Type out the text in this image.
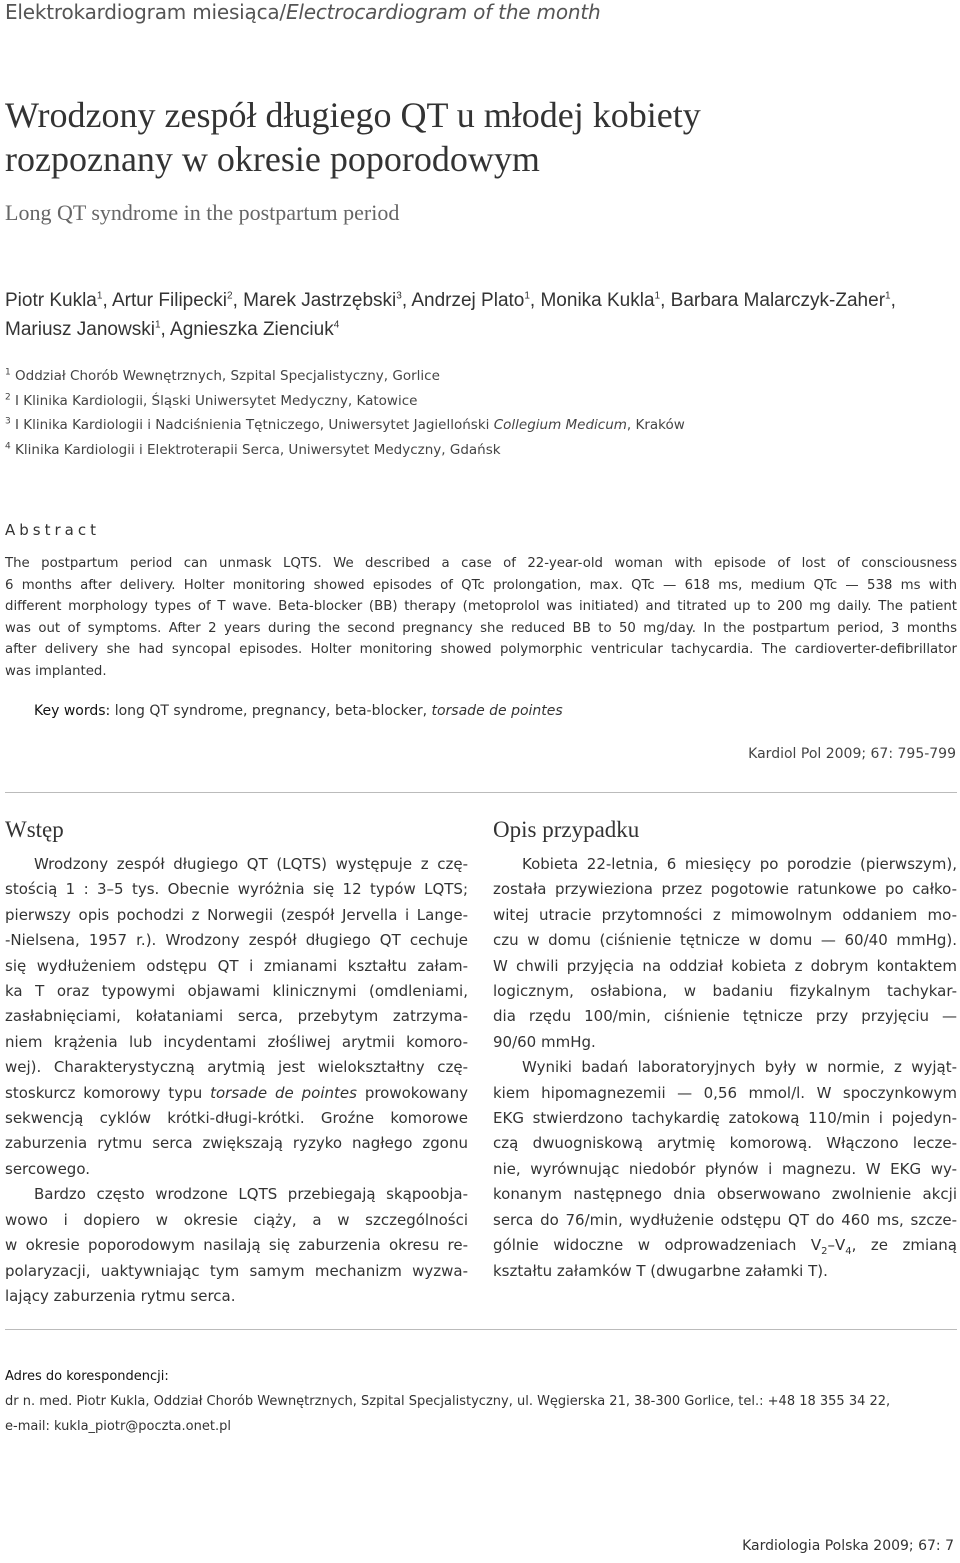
Elektrokardiogram miesiąca/Electrocardiogram of the month
Wrodzony zespół długiego QT u młodej kobiety
rozpoznany w okresie poporodowym
Long QT syndrome in the postpartum period
Piotr Kukla$^1$, Artur Filipecki$^2$, Marek Jastrzębski$^3$, Andrzej Plato$^1$, Monika Kukla$^1$, Barbara Malarczyk-Zaher$^1$,
Mariusz Janowski$^1$, Agnieszka Zienciuk$^4$
$^1$ Oddział Chorób Wewnętrznych, Szpital Specjalistyczny, Gorlice
$^2$ I Klinika Kardiologii, Śląski Uniwersytet Medyczny, Katowice
$^3$ I Klinika Kardiologii i Nadciśnienia Tętniczego, Uniwersytet Jagielloński Collegium Medicum, Kraków
$^4$ Klinika Kardiologii i Elektroterapii Serca, Uniwersytet Medyczny, Gdańsk
Abstract
The postpartum period can unmask LQTS. We described a case of 22-year-old woman with episode of lost of consciousness
6 months after delivery. Holter monitoring showed episodes of QTc prolongation, max. QTc — 618 ms, medium QTc — 538 ms with
different morphology types of T wave. Beta-blocker (BB) therapy (metoprolol was initiated) and titrated up to 200 mg daily. The patient
was out of symptoms. After 2 years during the second pregnancy she reduced BB to 50 mg/day. In the postpartum period, 3 months
after delivery she had syncopal episodes. Holter monitoring showed polymorphic ventricular tachycardia. The cardioverter-defibrillator
was implanted.
Key words: long QT syndrome, pregnancy, beta-blocker, torsade de pointes
Kardiol Pol 2009; 67: 795-799
Wstęp
Wrodzony zespół długiego QT (LQTS) występuje z czę-
stością 1 : 3–5 tys. Obecnie wyróżnia się 12 typów LQTS;
pierwszy opis pochodzi z Norwegii (zespół Jervella i Lange-
-Nielsena, 1957 r.). Wrodzony zespół długiego QT cechuje
się wydłużeniem odstępu QT i zmianami kształtu załam-
ka T oraz typowymi objawami klinicznymi (omdleniami,
zasłabnięciami, kołataniami serca, przebytym zatrzyma-
niem krążenia lub incydentami złośliwej arytmii komoro-
wej). Charakterystyczną arytmią jest wielokształtny czę-
stoskurcz komorowy typu torsade de pointes prowokowany
sekwencją cyklów krótki-długi-krótki. Groźne komorowe
zaburzenia rytmu serca zwiększają ryzyko nagłego zgonu
sercowego.
Bardzo często wrodzone LQTS przebiegają skąpoobja-
wowo i dopiero w okresie ciąży, a w szczególności
w okresie poporodowym nasilają się zaburzenia okresu re-
polaryzacji, uaktywniając tym samym mechanizm wyzwa-
lający zaburzenia rytmu serca.
Opis przypadku
Kobieta 22-letnia, 6 miesięcy po porodzie (pierwszym),
została przywieziona przez pogotowie ratunkowe po całko-
witej utracie przytomności z mimowolnym oddaniem mo-
czu w domu (ciśnienie tętnicze w domu — 60/40 mmHg).
W chwili przyjęcia na oddział kobieta z dobrym kontaktem
logicznym, osłabiona, w badaniu fizykalnym tachykar-
dia rzędu 100/min, ciśnienie tętnicze przy przyjęciu —
90/60 mmHg.
Wyniki badań laboratoryjnych były w normie, z wyjąt-
kiem hipomagnezemii — 0,56 mmol/l. W spoczynkowym
EKG stwierdzono tachykardię zatokową 110/min i pojedyn-
czą dwuogniskową arytmię komorową. Włączono lecze-
nie, wyrównując niedobór płynów i magnezu. W EKG wy-
konanym następnego dnia obserwowano zwolnienie akcji
serca do 76/min, wydłużenie odstępu QT do 460 ms, szcze-
gólnie widoczne w odprowadzeniach $V_2-V_4$, ze zmianą
kształtu załamków T (dwugarbne załamki T).
Adres do korespondencji:
dr n. med. Piotr Kukla, Oddział Chorób Wewnętrznych, Szpital Specjalistyczny, ul. Węgierska 21, 38-300 Gorlice, tel.: +48 18 355 34 22,
e-mail: kukla_piotr@poczta.onet.pl
Kardiologia Polska 2009; 67: 7
